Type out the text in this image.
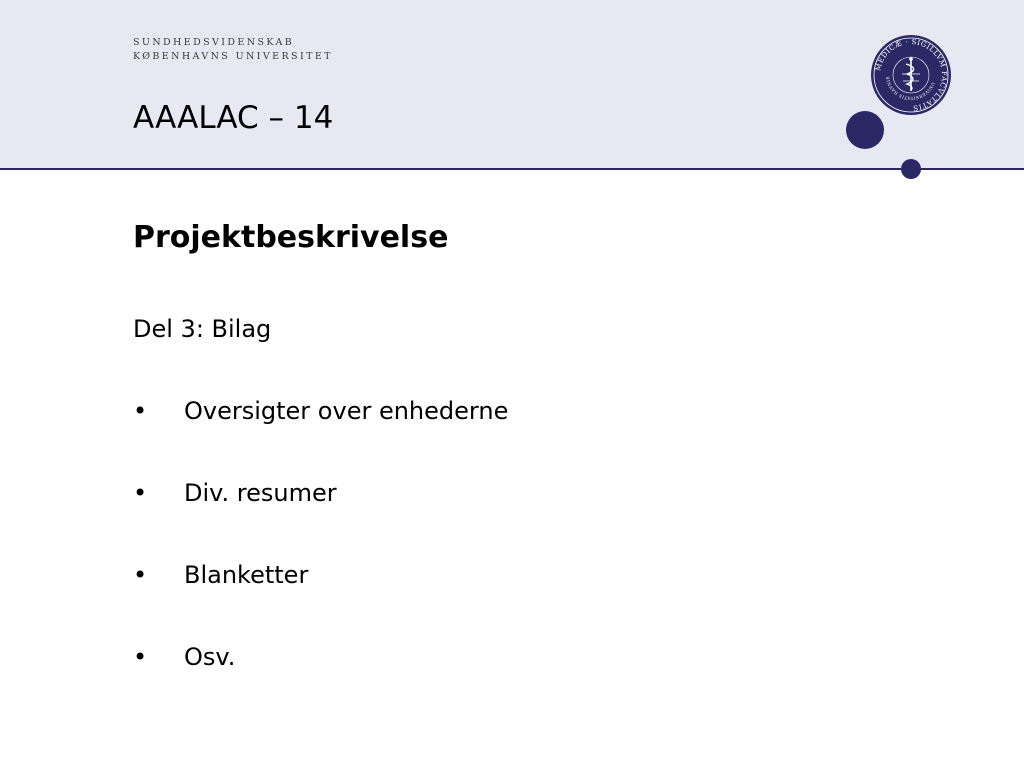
SUNDHEDSVIDENSKAB
KØBENHAVNS UNIVERSITET
AAALAC – 14
MEDICÆ · SIGILLVM FACVLTATIS
UNIVERSITATIS HAVNIE
Projektbeskrivelse
Del 3: Bilag
•	Oversigter over enhederne
•	Div. resumer
•	Blanketter
•	Osv.
